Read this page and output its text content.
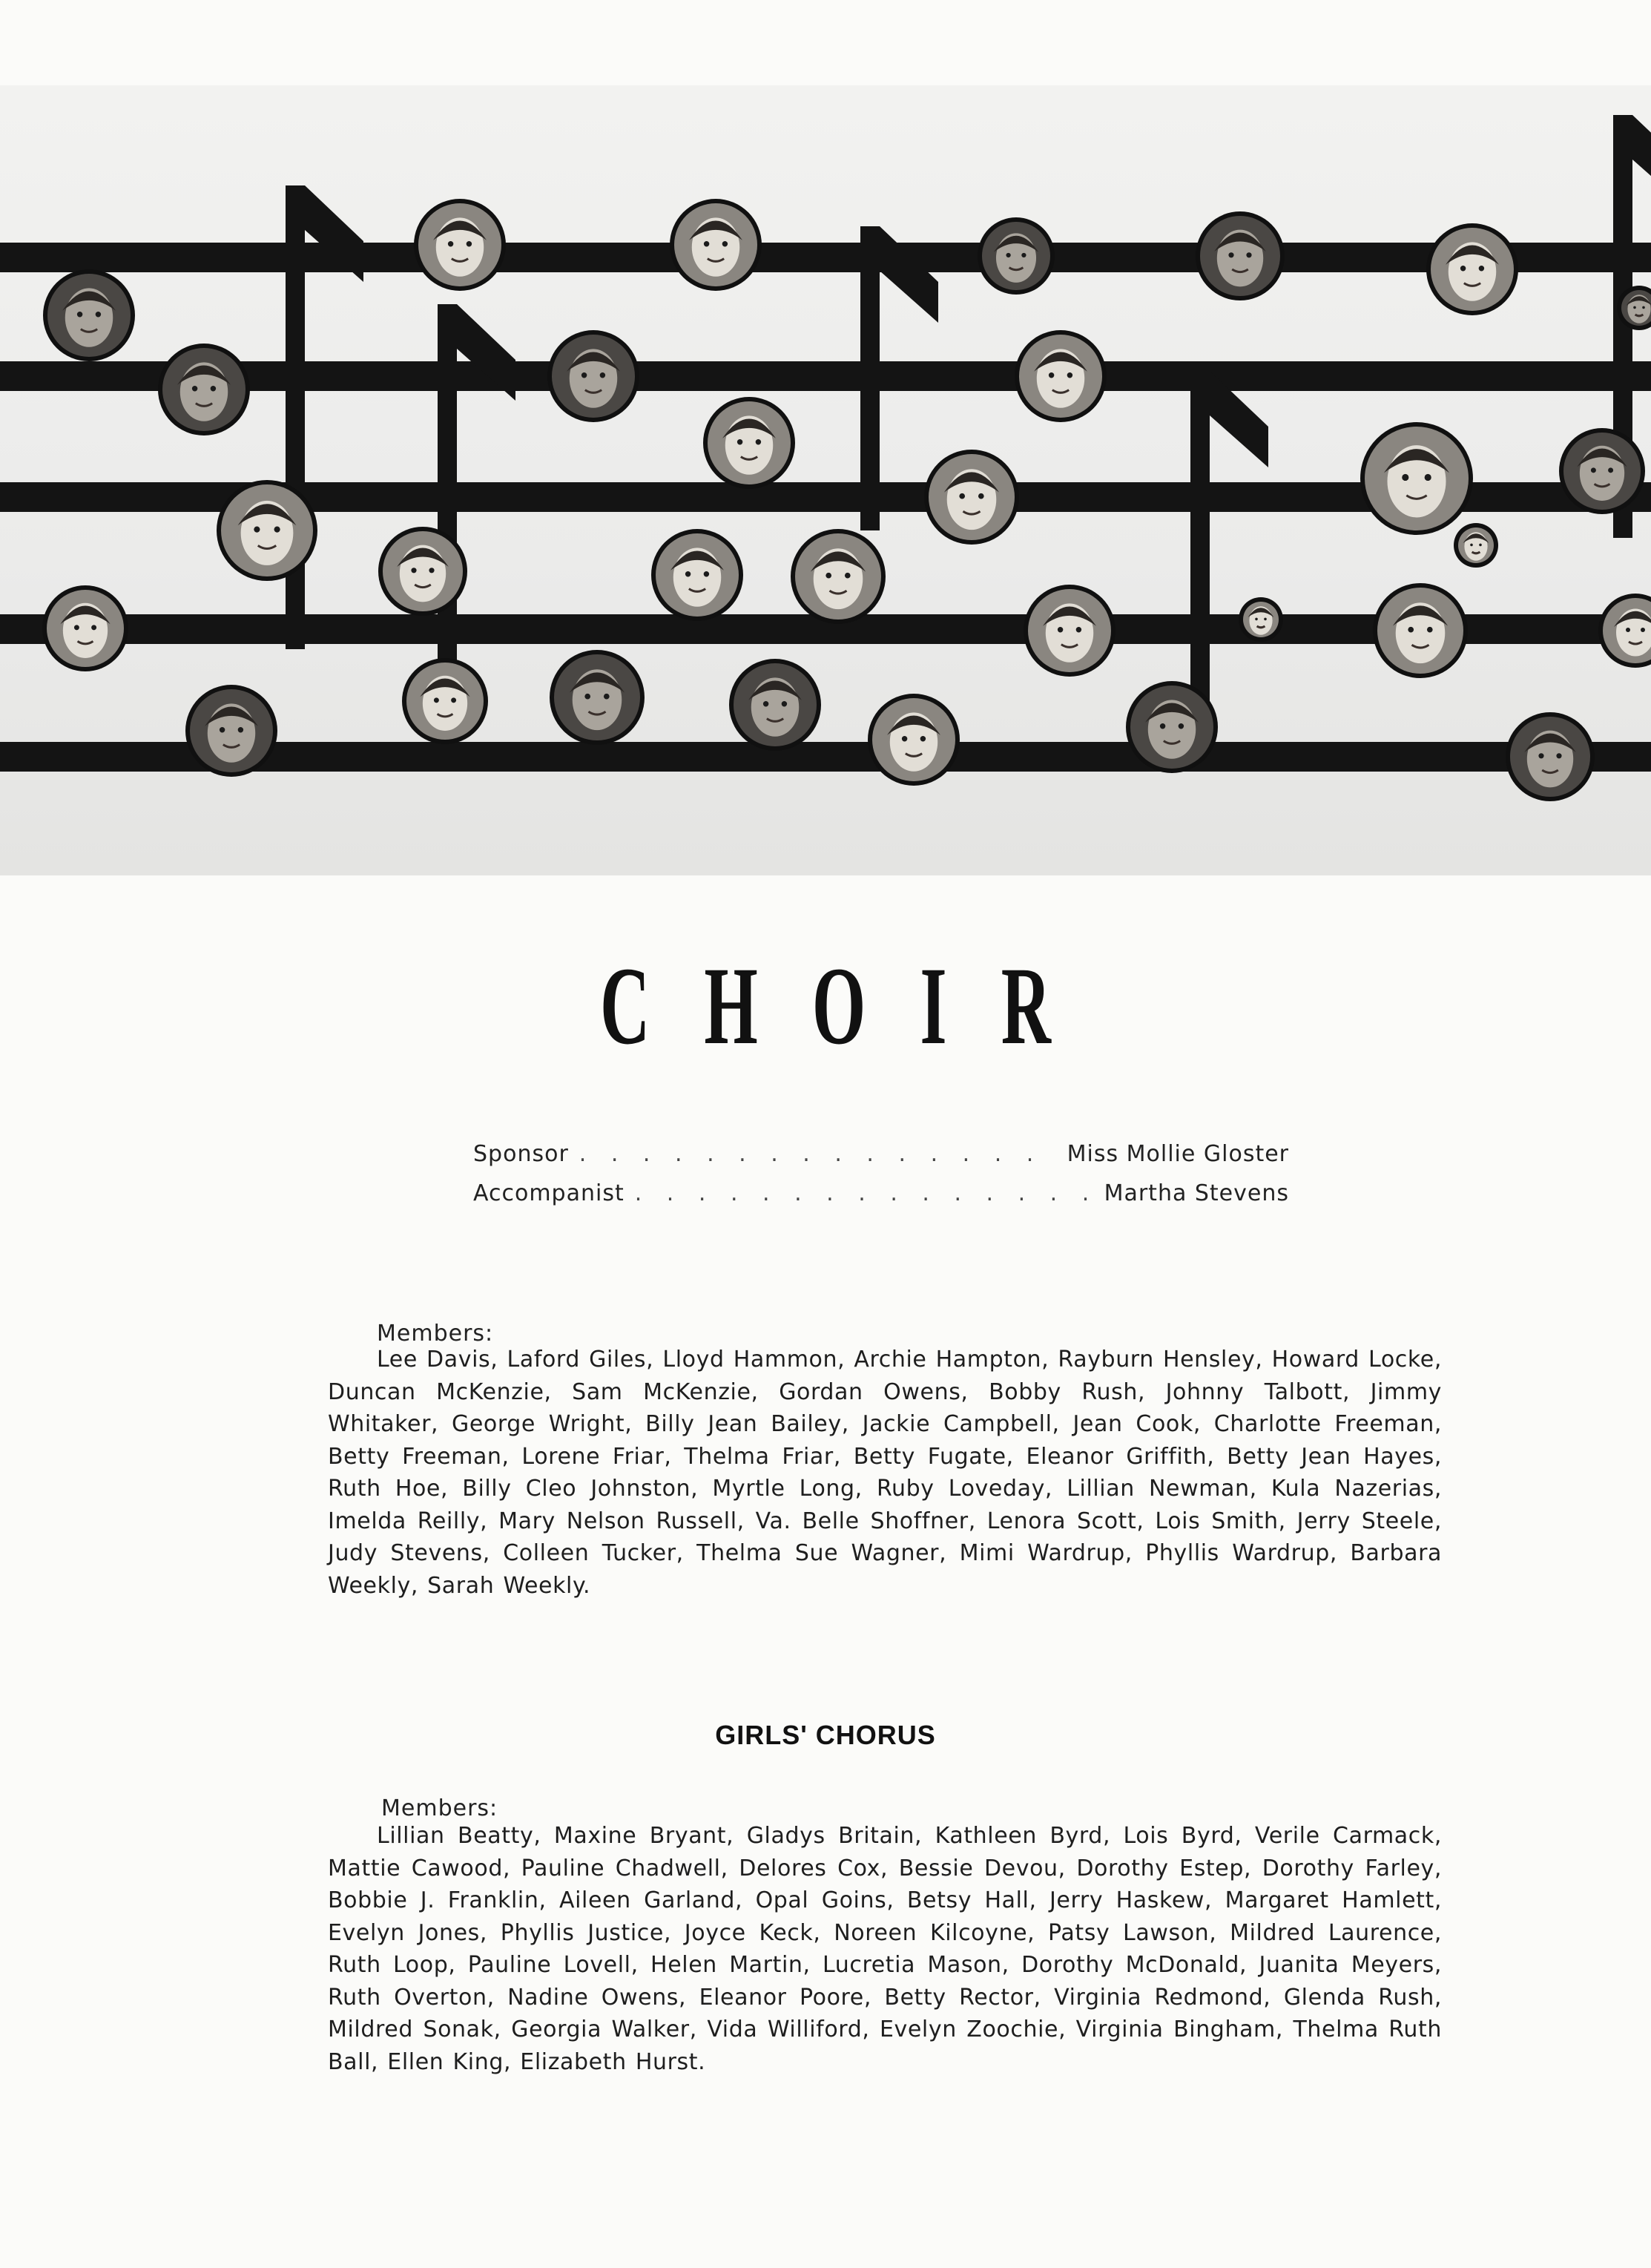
CHOIR
Sponsor . . .	Miss Mollie Gloster
Accompanist . . .	Martha Stevens
Members:

Lee Davis, Laford Giles, Lloyd Hammon, Archie Hampton, Rayburn Hensley, Howard Locke, Duncan McKenzie, Sam McKenzie, Gordan Owens, Bobby Rush, Johnny Talbott, Jimmy Whitaker, George Wright, Billy Jean Bailey, Jackie Campbell, Jean Cook, Charlotte Freeman, Betty Freeman, Lorene Friar, Thelma Friar, Betty Fugate, Eleanor Griffith, Betty Jean Hayes, Ruth Hoe, Billy Cleo Johnston, Myrtle Long, Ruby Loveday, Lillian Newman, Kula Nazerias, Imelda Reilly, Mary Nelson Russell, Va. Belle Shoffner, Lenora Scott, Lois Smith, Jerry Steele, Judy Stevens, Colleen Tucker, Thelma Sue Wagner, Mimi Wardrup, Phyllis Wardrup, Barbara Weekly, Sarah Weekly.

GIRLS' CHORUS
Members:

Lillian Beatty, Maxine Bryant, Gladys Britain, Kathleen Byrd, Lois Byrd, Verile Carmack, Mattie Cawood, Pauline Chadwell, Delores Cox, Bessie Devou, Dorothy Estep, Dorothy Farley, Bobbie J. Franklin, Aileen Garland, Opal Goins, Betsy Hall, Jerry Haskew, Margaret Hamlett, Evelyn Jones, Phyllis Justice, Joyce Keck, Noreen Kilcoyne, Patsy Lawson, Mildred Laurence, Ruth Loop, Pauline Lovell, Helen Martin, Lucretia Mason, Dorothy McDonald, Juanita Meyers, Ruth Overton, Nadine Owens, Eleanor Poore, Betty Rector, Virginia Redmond, Glenda Rush, Mildred Sonak, Georgia Walker, Vida Williford, Evelyn Zoochie, Virginia Bingham, Thelma Ruth Ball, Ellen King, Elizabeth Hurst.
